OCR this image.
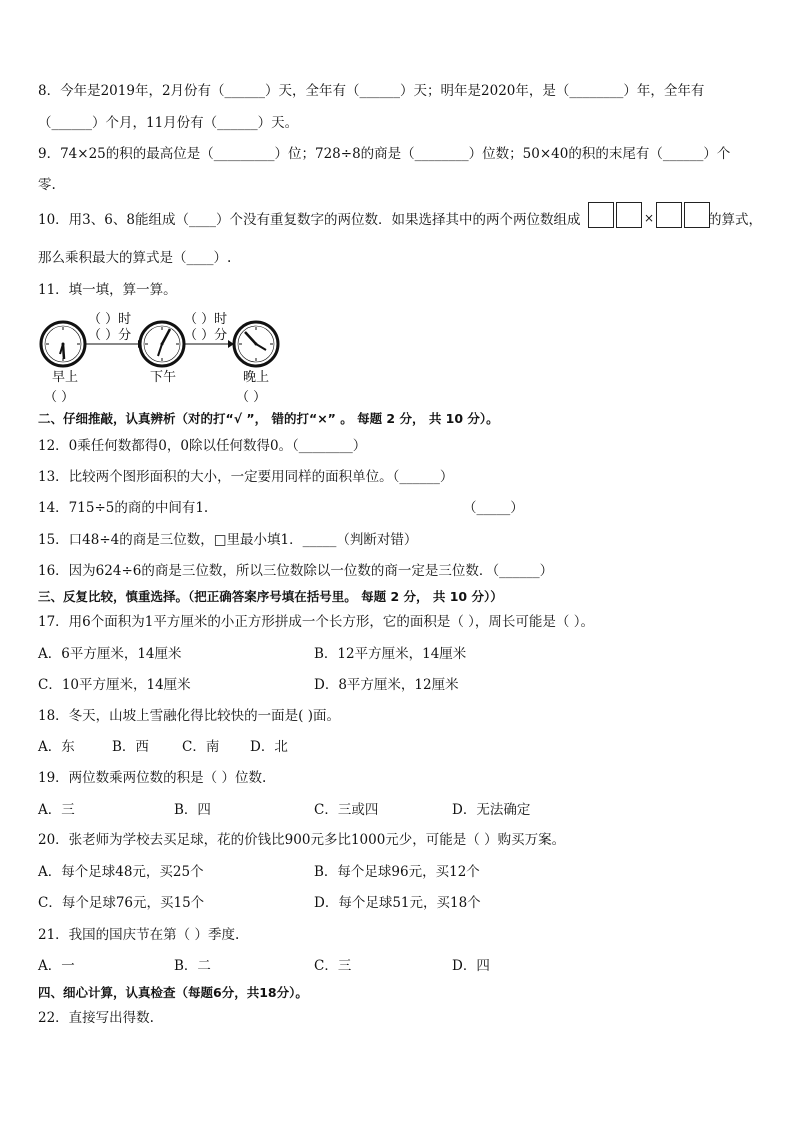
8．今年是2019年，2月份有（______）天，全年有（______）天；明年是2020年，是（________）年，全年有
（______）个月，11月份有（______）天。
9．74×25的积的最高位是（_________）位；728÷8的商是（________）位数；50×40的积的末尾有（______）个
零.
10．用3、6、8能组成（____）个没有重复数字的两位数．如果选择其中的两个两位数组成	×	的算式，
那么乘积最大的算式是（____）.
11．填一填，算一算。
（ ）时
（ ）分
（ ）时
（ ）分
早上	下午	晚上
（ ）	（ ）
二、仔细推敲，认真辨析（对的打“√ ”， 错的打“×” 。 每题 2 分， 共 10 分）。
12．0乘任何数都得0，0除以任何数得0。（________）
13．比较两个图形面积的大小，一定要用同样的面积单位。（______）
14．715÷5的商的中间有1.	（_____）
15．口48÷4的商是三位数，□里最小填1．_____（判断对错）
16．因为624÷6的商是三位数，所以三位数除以一位数的商一定是三位数．（______）
三、反复比较，慎重选择。（把正确答案序号填在括号里。 每题 2 分， 共 10 分））
17．用6个面积为1平方厘米的小正方形拼成一个长方形，它的面积是（ ），周长可能是（ ）。
A．6平方厘米，14厘米	B．12平方厘米，14厘米
C．10平方厘米，14厘米	D．8平方厘米，12厘米
18．冬天，山坡上雪融化得比较快的一面是( )面。
A．东	B．西 C．南 D．北
19．两位数乘两位数的积是（ ）位数.
A．三	B．四	C．三或四	D．无法确定
20．张老师为学校去买足球，花的价钱比900元多比1000元少，可能是（ ）购买万案。
A．每个足球48元，买25个	B．每个足球96元，买12个
C．每个足球76元，买15个	D．每个足球51元，买18个
21．我国的国庆节在第（ ）季度.
A．一	B．二	C．三	D．四
四、细心计算，认真检查（每题6分，共18分）。
22．直接写出得数.
